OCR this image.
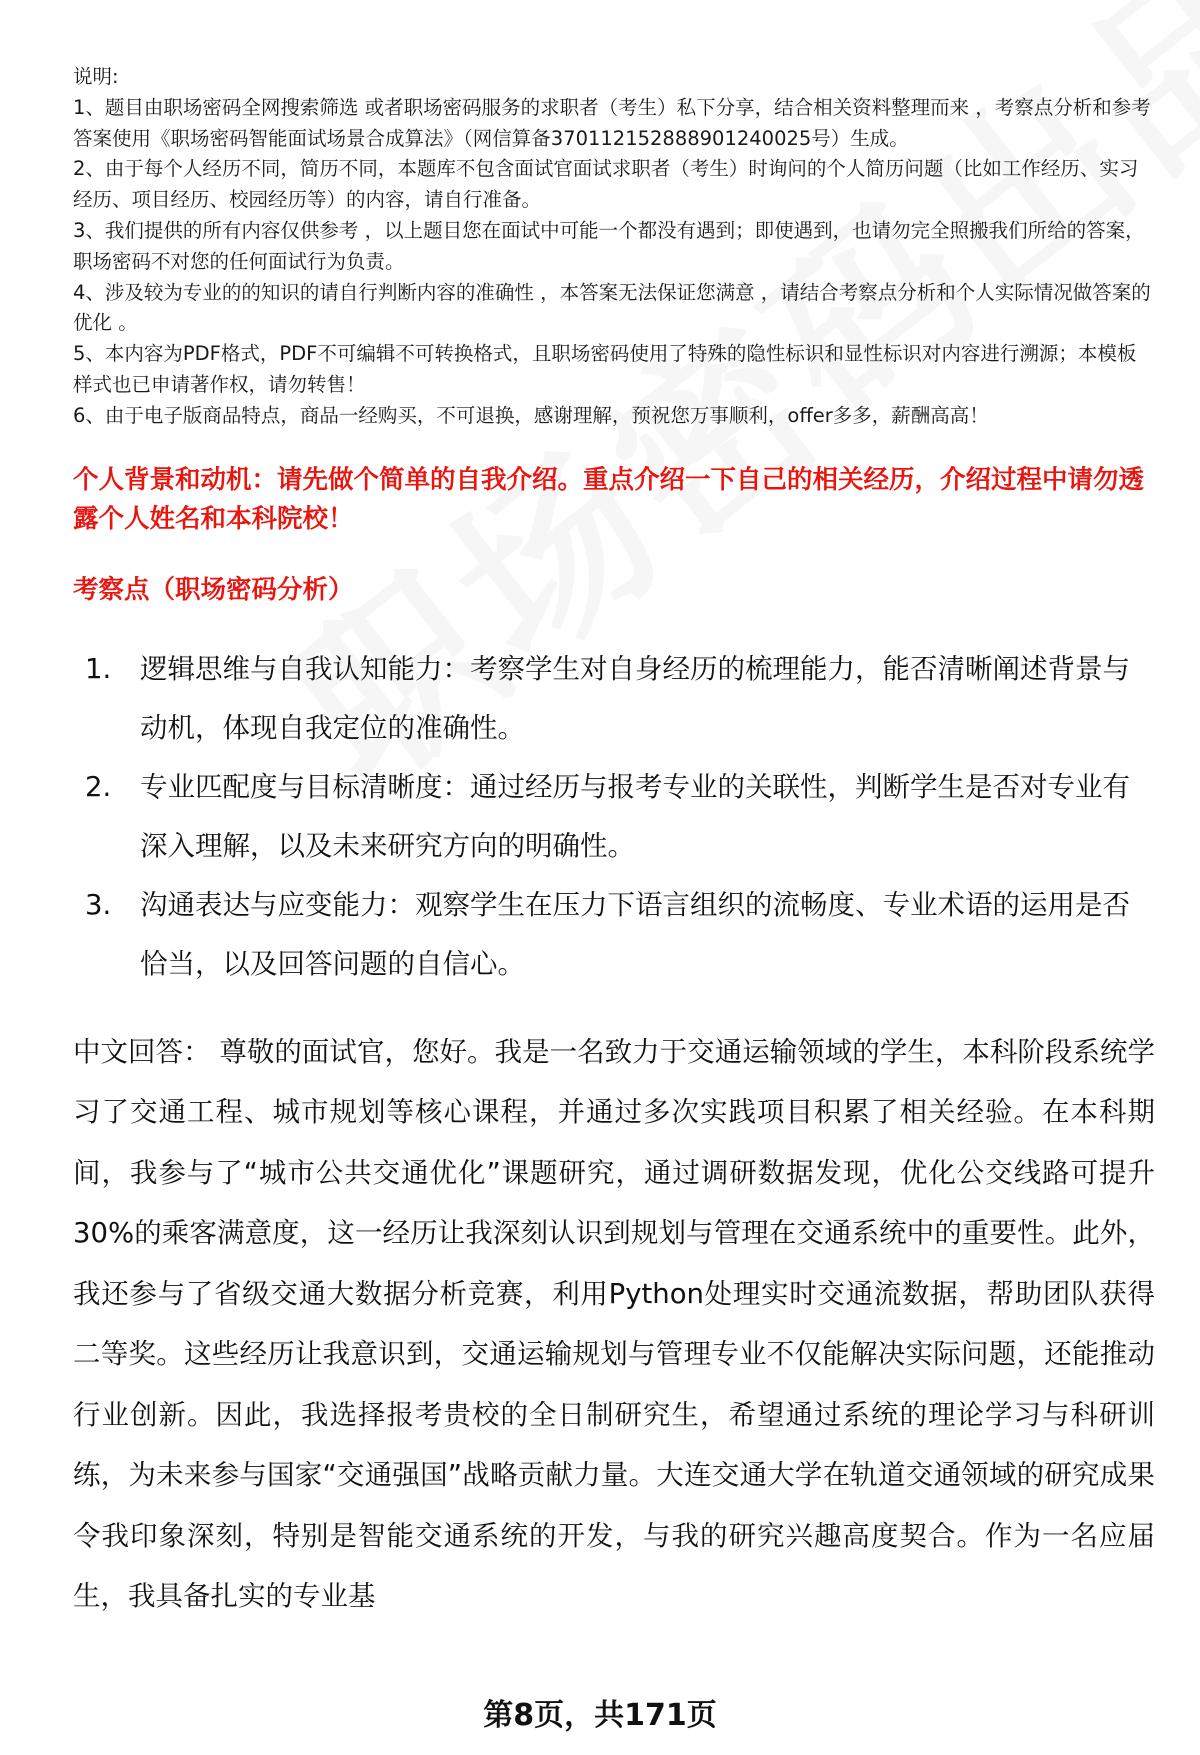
说明:

1、题目由职场密码全网搜索筛选 或者职场密码服务的求职者（考生）私下分享，结合相关资料整理而来 ，考察点分析和参考答案使用《职场密码智能面试场景合成算法》（网信算备370112152888901240025号）生成。

2、由于每个人经历不同，简历不同，本题库不包含面试官面试求职者（考生）时询问的个人简历问题（比如工作经历、实习经历、项目经历、校园经历等）的内容，请自行准备。

3、我们提供的所有内容仅供参考 ，以上题目您在面试中可能一个都没有遇到；即使遇到，也请勿完全照搬我们所给的答案，职场密码不对您的任何面试行为负责。

4、涉及较为专业的的知识的请自行判断内容的准确性 ，本答案无法保证您满意 ，请结合考察点分析和个人实际情况做答案的优化 。

5、本内容为PDF格式，PDF不可编辑不可转换格式，且职场密码使用了特殊的隐性标识和显性标识对内容进行溯源；本模板样式也已申请著作权，请勿转售！

6、由于电子版商品特点，商品一经购买，不可退换，感谢理解，预祝您万事顺利，offer多多，薪酬高高！

个人背景和动机：请先做个简单的自我介绍。重点介绍一下自己的相关经历，介绍过程中请勿透露个人姓名和本科院校！
考察点（职场密码分析）
1.	逻辑思维与自我认知能力：考察学生对自身经历的梳理能力，能否清晰阐述背景与动机，体现自我定位的准确性。
2.	专业匹配度与目标清晰度：通过经历与报考专业的关联性，判断学生是否对专业有深入理解，以及未来研究方向的明确性。
3.	沟通表达与应变能力：观察学生在压力下语言组织的流畅度、专业术语的运用是否恰当，以及回答问题的自信心。
中文回答： 尊敬的面试官，您好。我是一名致力于交通运输领域的学生，本科阶段系统学习了交通工程、城市规划等核心课程，并通过多次实践项目积累了相关经验。在本科期间，我参与了“城市公共交通优化”课题研究，通过调研数据发现，优化公交线路可提升30%的乘客满意度，这一经历让我深刻认识到规划与管理在交通系统中的重要性。此外，我还参与了省级交通大数据分析竞赛，利用Python处理实时交通流数据，帮助团队获得二等奖。这些经历让我意识到，交通运输规划与管理专业不仅能解决实际问题，还能推动行业创新。因此，我选择报考贵校的全日制研究生，希望通过系统的理论学习与科研训练，为未来参与国家“交通强国”战略贡献力量。大连交通大学在轨道交通领域的研究成果令我印象深刻，特别是智能交通系统的开发，与我的研究兴趣高度契合。作为一名应届生，我具备扎实的专业基
第8页，共171页
